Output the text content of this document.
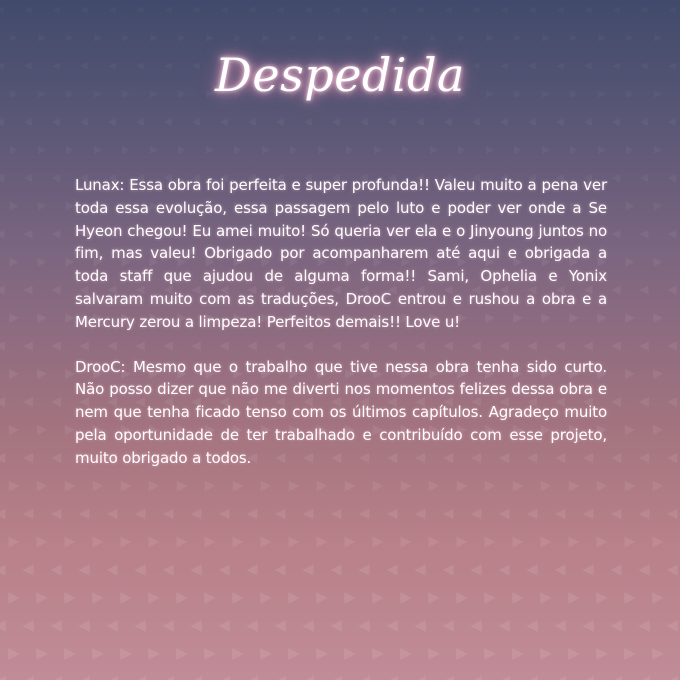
Despedida

Lunax: Essa obra foi perfeita e super profunda!! Valeu muito a pena ver toda essa evolução, essa passagem pelo luto e poder ver onde a Se Hyeon chegou! Eu amei muito! Só queria ver ela e o Jinyoung juntos no fim, mas valeu! Obrigado por acompanharem até aqui e obrigada a toda staff que ajudou de alguma forma!! Sami, Ophelia e Yonix salvaram muito com as traduções, DrooC entrou e rushou a obra e a Mercury zerou a limpeza! Perfeitos demais!! Love u!

DrooC: Mesmo que o trabalho que tive nessa obra tenha sido curto. Não posso dizer que não me diverti nos momentos felizes dessa obra e nem que tenha ficado tenso com os últimos capítulos. Agradeço muito pela oportunidade de ter trabalhado e contribuído com esse projeto, muito obrigado a todos.
